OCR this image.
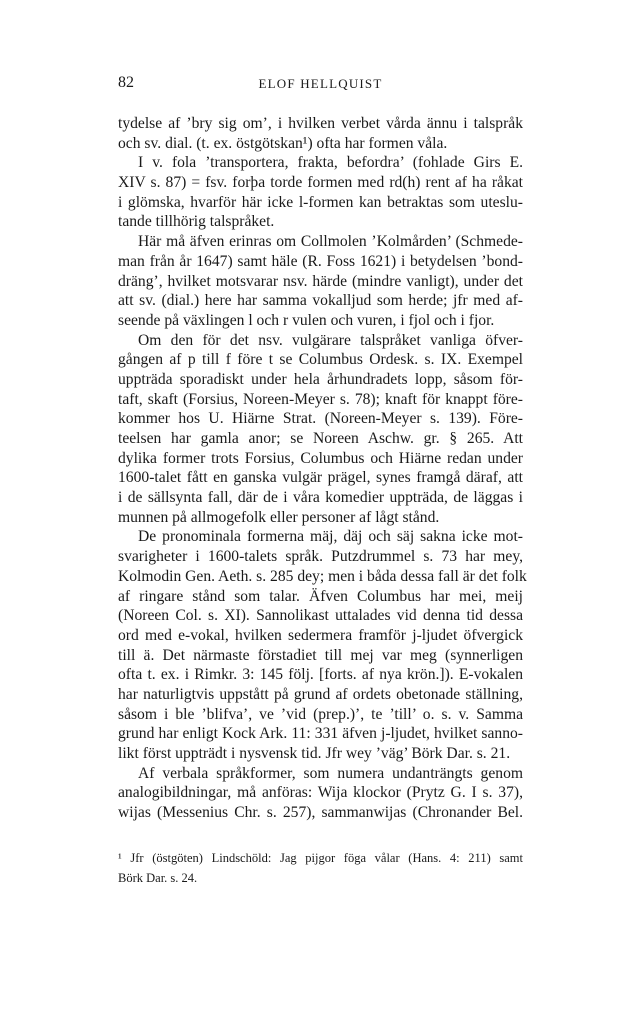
82	ELOF HELLQUIST
tydelse af ’bry sig om’, i hvilken verbet vårda ännu i talspråk
och sv. dial. (t. ex. östgötskan¹) ofta har formen våla.
I v. fola ’transportera, frakta, befordra’ (fohlade Girs E.
XIV s. 87) = fsv. forþa torde formen med rd(h) rent af ha råkat
i glömska, hvarför här icke l-formen kan betraktas som uteslu-
tande tillhörig talspråket.
Här må äfven erinras om Collmolen ’Kolmården’ (Schmede-
man från år 1647) samt häle (R. Foss 1621) i betydelsen ’bond-
dräng’, hvilket motsvarar nsv. härde (mindre vanligt), under det
att sv. (dial.) here har samma vokalljud som herde; jfr med af-
seende på växlingen l och r vulen och vuren, i fjol och i fjor.
Om den för det nsv. vulgärare talspråket vanliga öfver-
gången af p till f före t se Columbus Ordesk. s. IX. Exempel
uppträda sporadiskt under hela århundradets lopp, såsom för-
taft, skaft (Forsius, Noreen-Meyer s. 78); knaft för knappt före-
kommer hos U. Hiärne Strat. (Noreen-Meyer s. 139). Före-
teelsen har gamla anor; se Noreen Aschw. gr. § 265. Att
dylika former trots Forsius, Columbus och Hiärne redan under
1600-talet fått en ganska vulgär prägel, synes framgå däraf, att
i de sällsynta fall, där de i våra komedier uppträda, de läggas i
munnen på allmogefolk eller personer af lågt stånd.
De pronominala formerna mäj, däj och säj sakna icke mot-
svarigheter i 1600-talets språk. Putzdrummel s. 73 har mey,
Kolmodin Gen. Aeth. s. 285 dey; men i båda dessa fall är det folk
af ringare stånd som talar. Äfven Columbus har mei, meij
(Noreen Col. s. XI). Sannolikast uttalades vid denna tid dessa
ord med e-vokal, hvilken sedermera framför j-ljudet öfvergick
till ä. Det närmaste förstadiet till mej var meg (synnerligen
ofta t. ex. i Rimkr. 3: 145 följ. [forts. af nya krön.]). E-vokalen
har naturligtvis uppstått på grund af ordets obetonade ställning,
såsom i ble ’blifva’, ve ’vid (prep.)’, te ’till’ o. s. v. Samma
grund har enligt Kock Ark. 11: 331 äfven j-ljudet, hvilket sanno-
likt först uppträdt i nysvensk tid. Jfr wey ’väg’ Börk Dar. s. 21.
Af verbala språkformer, som numera undanträngts genom
analogibildningar, må anföras: Wija klockor (Prytz G. I s. 37),
wijas (Messenius Chr. s. 257), sammanwijas (Chronander Bel.
¹ Jfr (östgöten) Lindschöld: Jag pijgor föga vålar (Hans. 4: 211) samt
Börk Dar. s. 24.
